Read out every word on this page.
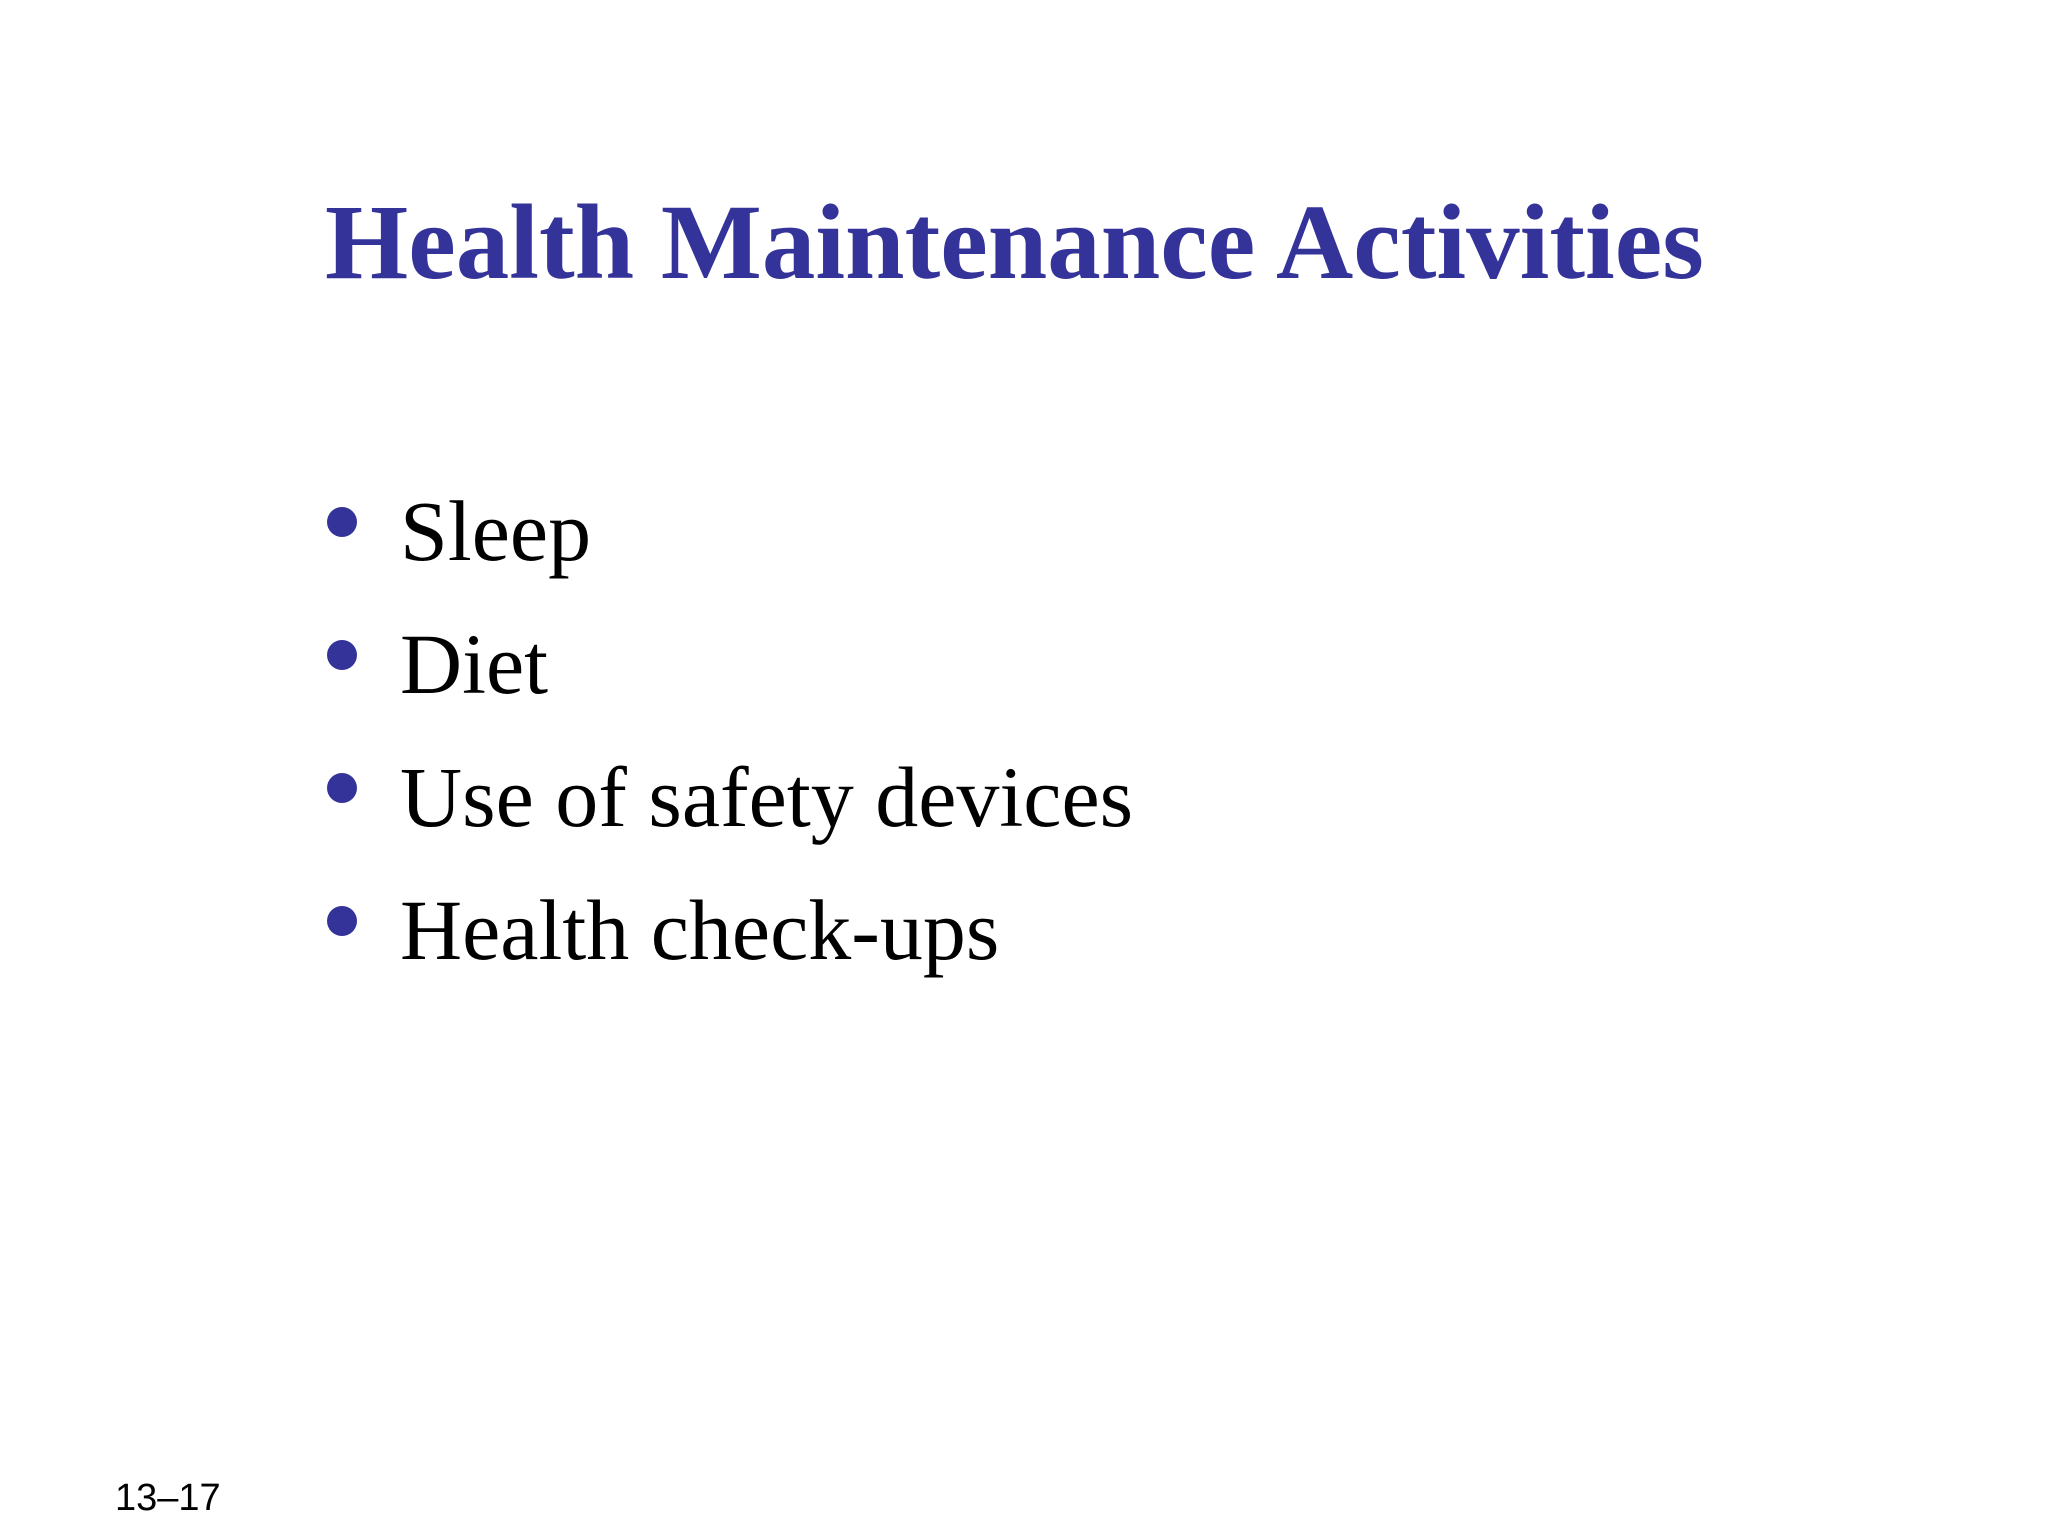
Health Maintenance Activities
Sleep
Diet
Use of safety devices
Health check-ups
13–17
